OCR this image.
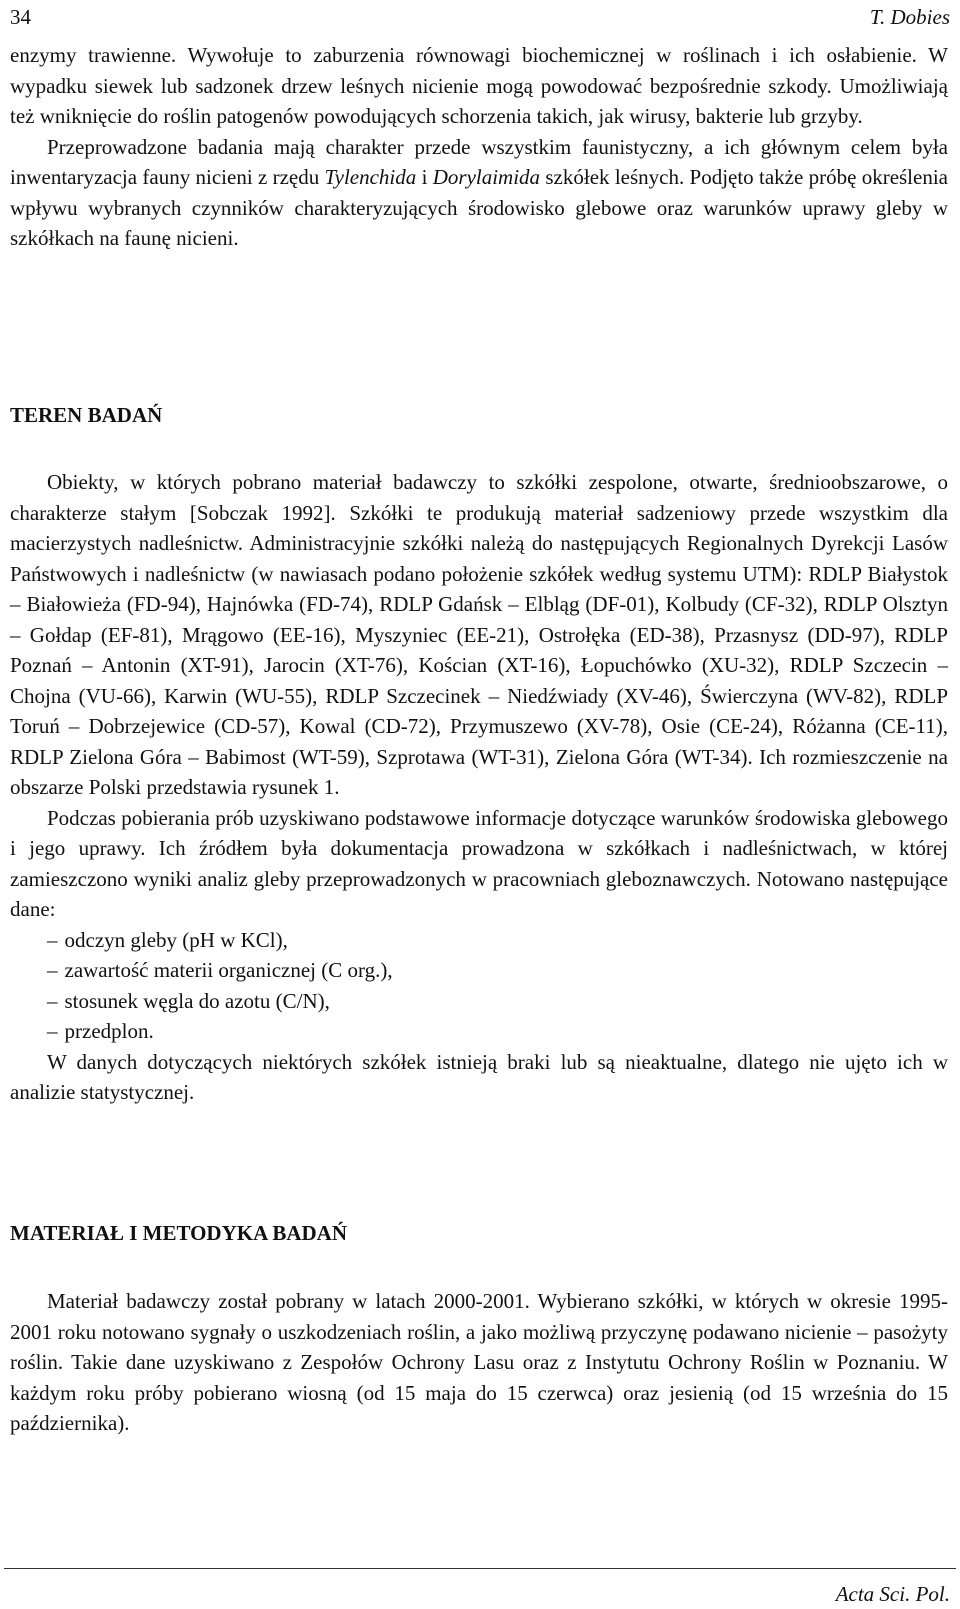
34	T. Dobies

enzymy trawienne. Wywołuje to zaburzenia równowagi biochemicznej w roślinach i ich osłabienie. W wypadku siewek lub sadzonek drzew leśnych nicienie mogą powodować bezpośrednie szkody. Umożliwiają też wniknięcie do roślin patogenów powodujących schorzenia takich, jak wirusy, bakterie lub grzyby.

Przeprowadzone badania mają charakter przede wszystkim faunistyczny, a ich głównym celem była inwentaryzacja fauny nicieni z rzędu Tylenchida i Dorylaimida szkółek leśnych. Podjęto także próbę określenia wpływu wybranych czynników charakteryzujących środowisko glebowe oraz warunków uprawy gleby w szkółkach na faunę nicieni.

TEREN BADAŃ

Obiekty, w których pobrano materiał badawczy to szkółki zespolone, otwarte, średnioobszarowe, o charakterze stałym [Sobczak 1992]. Szkółki te produkują materiał sadzeniowy przede wszystkim dla macierzystych nadleśnictw. Administracyjnie szkółki należą do następujących Regionalnych Dyrekcji Lasów Państwowych i nadleśnictw (w nawiasach podano położenie szkółek według systemu UTM): RDLP Białystok – Białowieża (FD-94), Hajnówka (FD-74), RDLP Gdańsk – Elbląg (DF-01), Kolbudy (CF-32), RDLP Olsztyn – Gołdap (EF-81), Mrągowo (EE-16), Myszyniec (EE-21), Ostrołęka (ED-38), Przasnysz (DD-97), RDLP Poznań – Antonin (XT-91), Jarocin (XT-76), Kościan (XT-16), Łopuchówko (XU-32), RDLP Szczecin – Chojna (VU-66), Karwin (WU-55), RDLP Szczecinek – Niedźwiady (XV-46), Świerczyna (WV-82), RDLP Toruń – Dobrzejewice (CD-57), Kowal (CD-72), Przymuszewo (XV-78), Osie (CE-24), Różanna (CE-11), RDLP Zielona Góra – Babimost (WT-59), Szprotawa (WT-31), Zielona Góra (WT-34). Ich rozmieszczenie na obszarze Polski przedstawia rysunek 1.

Podczas pobierania prób uzyskiwano podstawowe informacje dotyczące warunków środowiska glebowego i jego uprawy. Ich źródłem była dokumentacja prowadzona w szkółkach i nadleśnictwach, w której zamieszczono wyniki analiz gleby przeprowadzonych w pracowniach gleboznawczych. Notowano następujące dane:

– odczyn gleby (pH w KCl),
– zawartość materii organicznej (C org.),
– stosunek węgla do azotu (C/N),
– przedplon.

W danych dotyczących niektórych szkółek istnieją braki lub są nieaktualne, dlatego nie ujęto ich w analizie statystycznej.

MATERIAŁ I METODYKA BADAŃ

Materiał badawczy został pobrany w latach 2000-2001. Wybierano szkółki, w których w okresie 1995-2001 roku notowano sygnały o uszkodzeniach roślin, a jako możliwą przyczynę podawano nicienie – pasożyty roślin. Takie dane uzyskiwano z Zespołów Ochrony Lasu oraz z Instytutu Ochrony Roślin w Poznaniu. W każdym roku próby pobierano wiosną (od 15 maja do 15 czerwca) oraz jesienią (od 15 września do 15 października).

Acta Sci. Pol.
